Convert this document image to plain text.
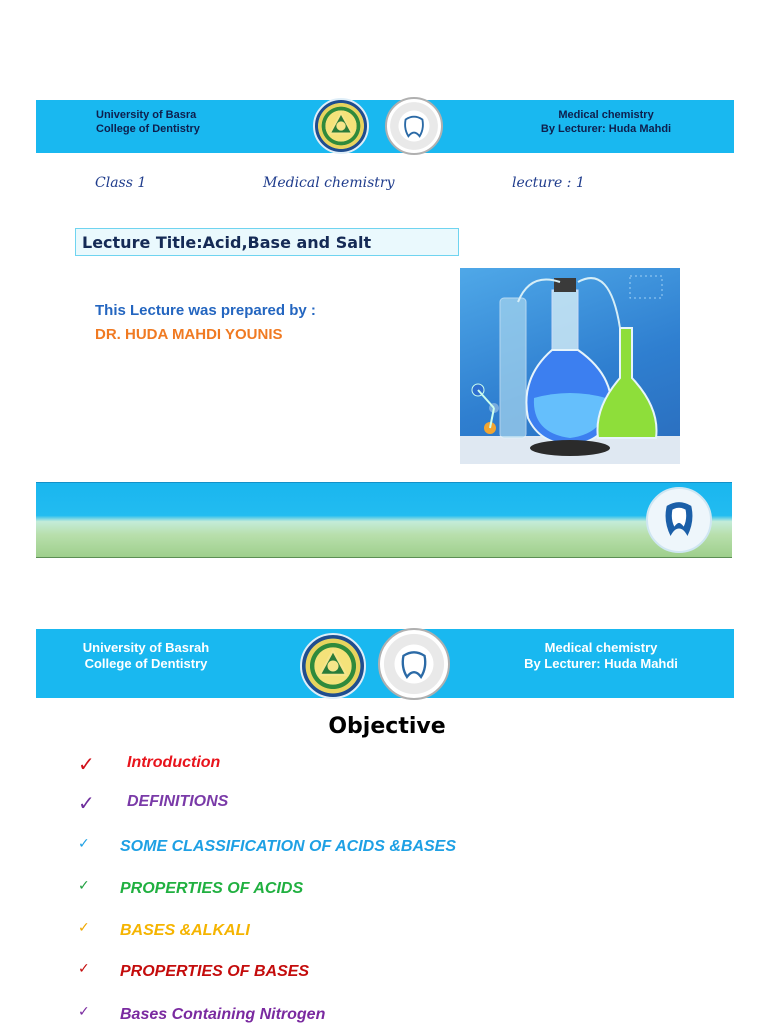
University of Basra
College of Dentistry
Medical chemistry
By Lecturer: Huda Mahdi
Class 1	Medical chemistry	lecture : 1
Lecture Title:Acid,Base and Salt
This Lecture was prepared by :
DR. HUDA MAHDI YOUNIS
University of Basrah
College of Dentistry
Medical chemistry
By Lecturer: Huda Mahdi
Objective
✓ Introduction
✓ DEFINITIONS
✓ SOME CLASSIFICATION OF ACIDS &BASES
✓ PROPERTIES OF ACIDS
✓ BASES &ALKALI
✓ PROPERTIES OF BASES
✓ Bases Containing Nitrogen
